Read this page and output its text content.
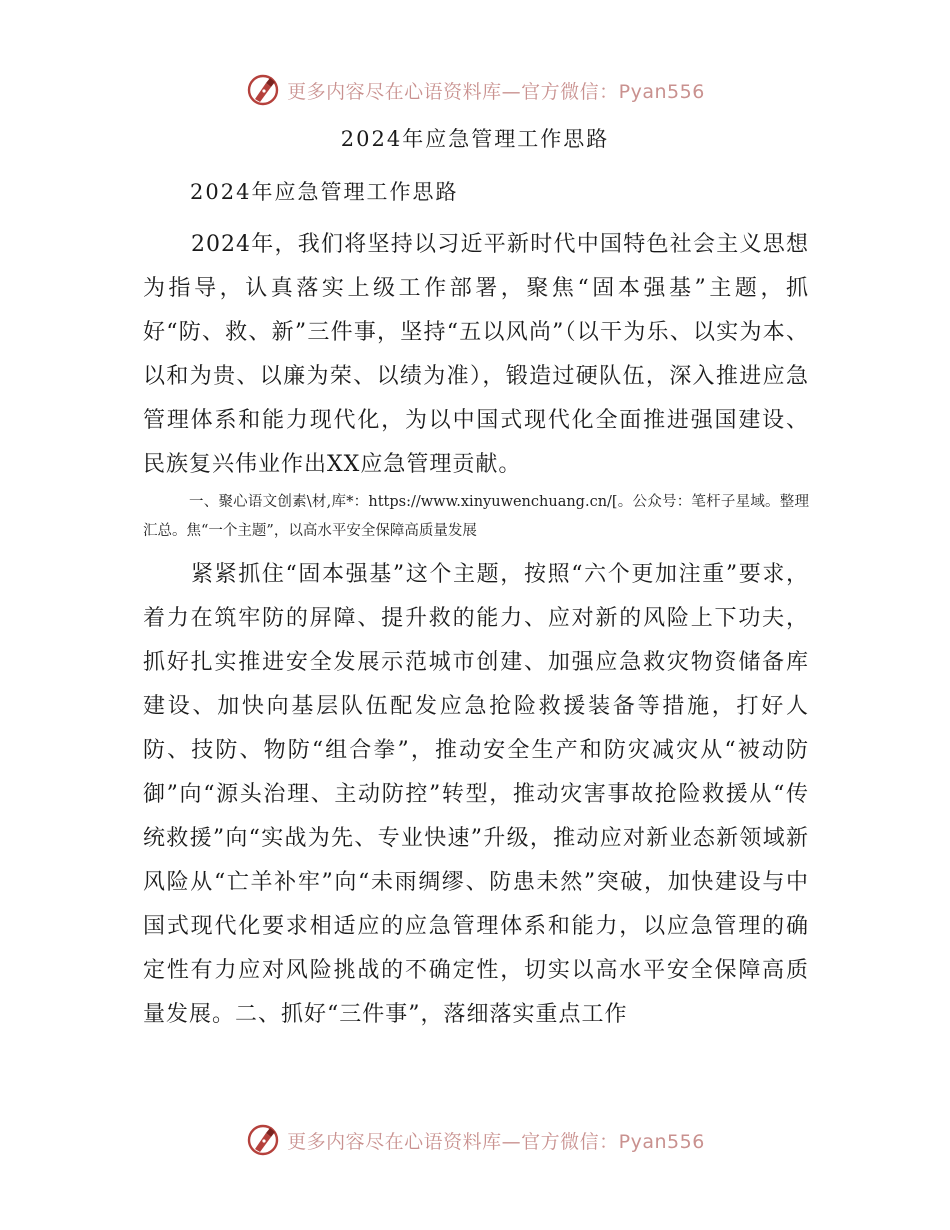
更多内容尽在心语资料库—官方微信：Pyan556
2024年应急管理工作思路
2024年应急管理工作思路

2024年，我们将坚持以习近平新时代中国特色社会主义思想为指导，认真落实上级工作部署，聚焦“固本强基”主题，抓好“防、救、新”三件事，坚持“五以风尚”（以干为乐、以实为本、以和为贵、以廉为荣、以绩为准），锻造过硬队伍，深入推进应急管理体系和能力现代化，为以中国式现代化全面推进强国建设、民族复兴伟业作出XX应急管理贡献。

一、聚心语文创素\材,库*：https://www.xinyuwenchuang.cn/[。公众号：笔杆子星域。整理汇总。焦“一个主题”，以高水平安全保障高质量发展

紧紧抓住“固本强基”这个主题，按照“六个更加注重”要求，着力在筑牢防的屏障、提升救的能力、应对新的风险上下功夫，抓好扎实推进安全发展示范城市创建、加强应急救灾物资储备库建设、加快向基层队伍配发应急抢险救援装备等措施，打好人防、技防、物防“组合拳”，推动安全生产和防灾减灾从“被动防御”向“源头治理、主动防控”转型，推动灾害事故抢险救援从“传统救援”向“实战为先、专业快速”升级，推动应对新业态新领域新风险从“亡羊补牢”向“未雨绸缪、防患未然”突破，加快建设与中国式现代化要求相适应的应急管理体系和能力，以应急管理的确定性有力应对风险挑战的不确定性，切实以高水平安全保障高质量发展。二、抓好“三件事”，落细落实重点工作

更多内容尽在心语资料库—官方微信：Pyan556
